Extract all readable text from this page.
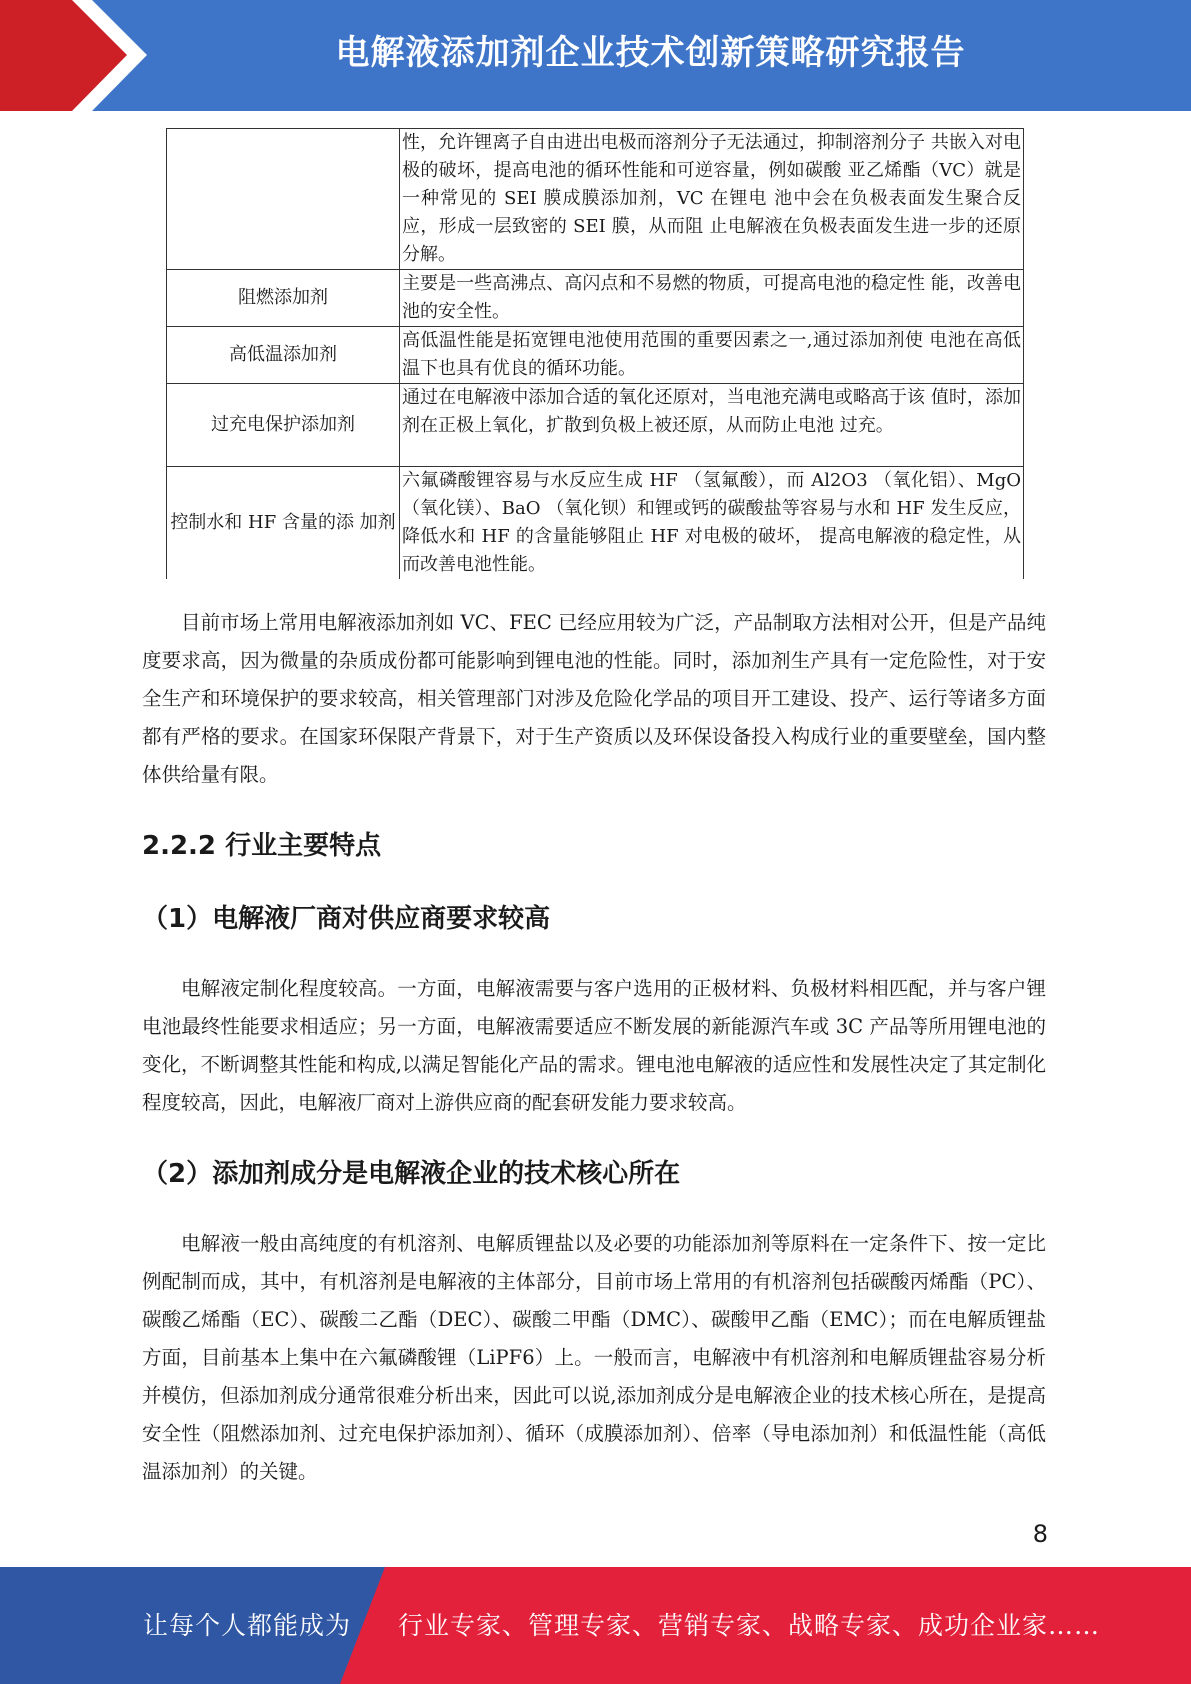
电解液添加剂企业技术创新策略研究报告
	性，允许锂离子自由进出电极而溶剂分子无法通过，抑制溶剂分子 共嵌入对电极的破坏，提高电池的循环性能和可逆容量，例如碳酸 亚乙烯酯（VC）就是一种常见的 SEI 膜成膜添加剂，VC 在锂电 池中会在负极表面发生聚合反应，形成一层致密的 SEI 膜，从而阻 止电解液在负极表面发生进一步的还原分解。
阻燃添加剂	主要是一些高沸点、高闪点和不易燃的物质，可提高电池的稳定性 能，改善电池的安全性。
高低温添加剂	高低温性能是拓宽锂电池使用范围的重要因素之一,通过添加剂使 电池在高低温下也具有优良的循环功能。
过充电保护添加剂	通过在电解液中添加合适的氧化还原对，当电池充满电或略高于该 值时，添加剂在正极上氧化，扩散到负极上被还原，从而防止电池 过充。
控制水和 HF 含量的添 加剂	六氟磷酸锂容易与水反应生成 HF （氢氟酸），而 Al2O3 （氧化铝）、MgO （氧化镁）、BaO （氧化钡）和锂或钙的碳酸盐等容易与水和 HF 发生反应，降低水和 HF 的含量能够阻止 HF 对电极的破坏， 提高电解液的稳定性，从而改善电池性能。

目前市场上常用电解液添加剂如 VC、FEC 已经应用较为广泛，产品制取方法相对公开，但是产品纯度要求高，因为微量的杂质成份都可能影响到锂电池的性能。同时，添加剂生产具有一定危险性，对于安全生产和环境保护的要求较高，相关管理部门对涉及危险化学品的项目开工建设、投产、运行等诸多方面都有严格的要求。在国家环保限产背景下，对于生产资质以及环保设备投入构成行业的重要壁垒，国内整体供给量有限。

2.2.2 行业主要特点
（1）电解液厂商对供应商要求较高

电解液定制化程度较高。一方面，电解液需要与客户选用的正极材料、负极材料相匹配，并与客户锂电池最终性能要求相适应；另一方面，电解液需要适应不断发展的新能源汽车或 3C 产品等所用锂电池的变化，不断调整其性能和构成,以满足智能化产品的需求。锂电池电解液的适应性和发展性决定了其定制化程度较高，因此，电解液厂商对上游供应商的配套研发能力要求较高。

（2）添加剂成分是电解液企业的技术核心所在

电解液一般由高纯度的有机溶剂、电解质锂盐以及必要的功能添加剂等原料在一定条件下、按一定比例配制而成，其中，有机溶剂是电解液的主体部分，目前市场上常用的有机溶剂包括碳酸丙烯酯（PC）、碳酸乙烯酯（EC）、碳酸二乙酯（DEC）、碳酸二甲酯（DMC）、碳酸甲乙酯（EMC）；而在电解质锂盐方面，目前基本上集中在六氟磷酸锂（LiPF6）上。一般而言，电解液中有机溶剂和电解质锂盐容易分析并模仿，但添加剂成分通常很难分析出来，因此可以说,添加剂成分是电解液企业的技术核心所在，是提高安全性（阻燃添加剂、过充电保护添加剂）、循环（成膜添加剂）、倍率（导电添加剂）和低温性能（高低温添加剂）的关键。

8
让每个人都能成为 行业专家、管理专家、营销专家、战略专家、成功企业家……
